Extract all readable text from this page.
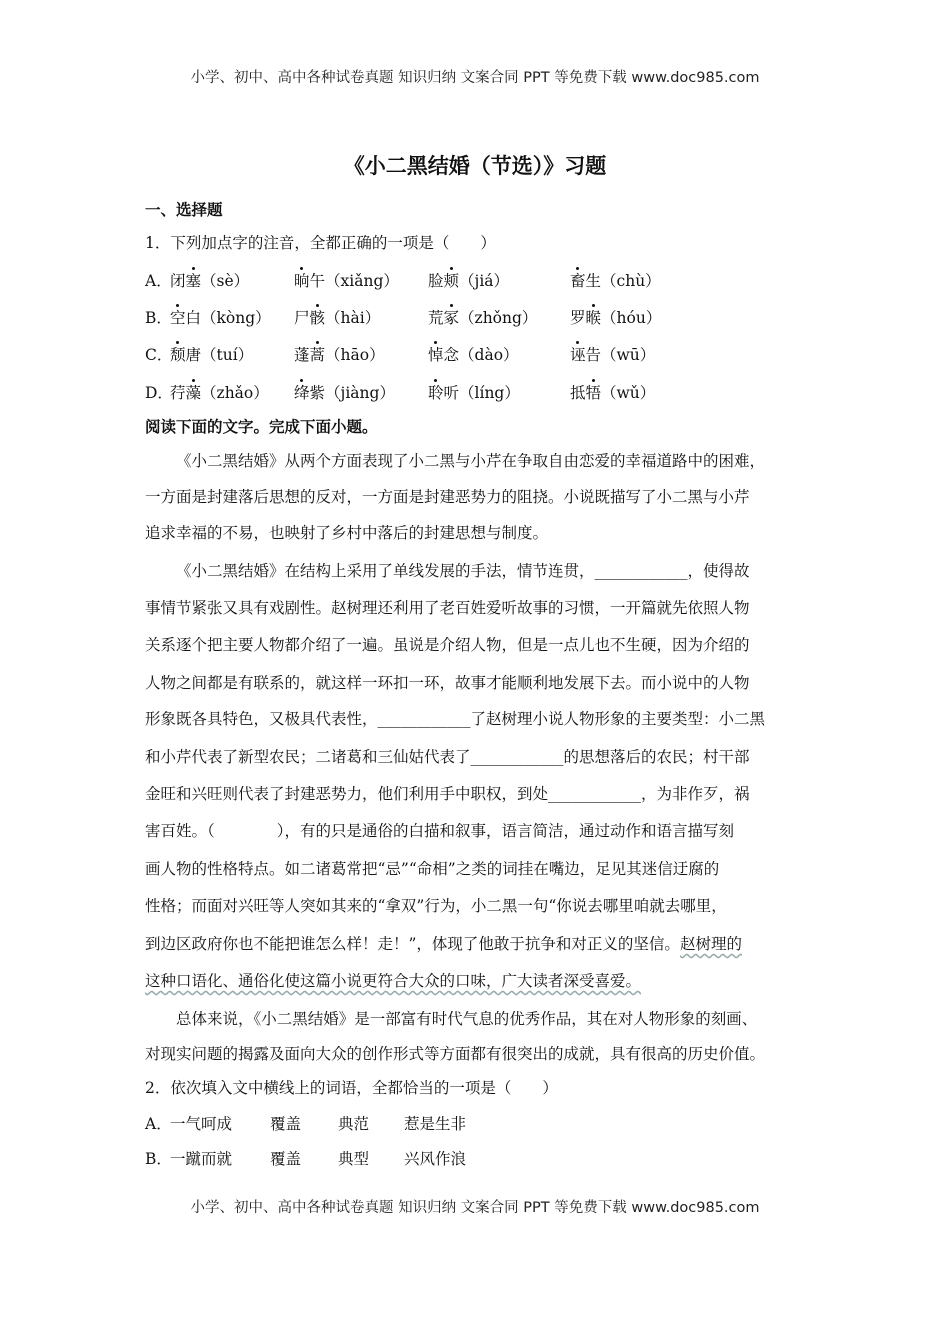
小学、初中、高中各种试卷真题 知识归纳 文案合同 PPT 等免费下载 www.doc985.com
《小二黑结婚（节选）》习题
一、选择题
1．下列加点字的注音，全都正确的一项是（　　）
A．
闭塞（sè）	晌午（xiǎng） 脸颊（jiá）	畜生（chù）
B．
空白（kòng） 尸骸（hài）	荒冢（zhǒng） 罗睺（hóu）
C．
颓唐（tuí）	蓬蒿（hāo）	悼念（dào）	诬告（wū）
D．
荇藻（zhǎo） 绛紫（jiàng） 聆听（líng）	抵牾（wǔ）
阅读下面的文字。完成下面小题。
《小二黑结婚》从两个方面表现了小二黑与小芹在争取自由恋爱的幸福道路中的困难，
一方面是封建落后思想的反对，一方面是封建恶势力的阻挠。小说既描写了小二黑与小芹
追求幸福的不易，也映射了乡村中落后的封建思想与制度。
《小二黑结婚》在结构上采用了单线发展的手法，情节连贯，____________，使得故
事情节紧张又具有戏剧性。赵树理还利用了老百姓爱听故事的习惯，一开篇就先依照人物
关系逐个把主要人物都介绍了一遍。虽说是介绍人物，但是一点儿也不生硬，因为介绍的
人物之间都是有联系的，就这样一环扣一环，故事才能顺利地发展下去。而小说中的人物
形象既各具特色，又极具代表性，____________了赵树理小说人物形象的主要类型：小二黑
和小芹代表了新型农民；二诸葛和三仙姑代表了____________的思想落后的农民；村干部
金旺和兴旺则代表了封建恶势力，他们利用手中职权，到处____________，为非作歹，祸
害百姓。（　　　　），有的只是通俗的白描和叙事，语言简洁，通过动作和语言描写刻
画人物的性格特点。如二诸葛常把“忌”“命相”之类的词挂在嘴边，足见其迷信迂腐的
性格；而面对兴旺等人突如其来的“拿双”行为，小二黑一句“你说去哪里咱就去哪里，
总体来说，《小二黑结婚》是一部富有时代气息的优秀作品，其在对人物形象的刻画、
对现实问题的揭露及面向大众的创作形式等方面都有很突出的成就，具有很高的历史价值。
到边区政府你也不能把谁怎么样！走！”，体现了他敢于抗争和对正义的坚信。赵树理的
这种口语化、通俗化使这篇小说更符合大众的口味，广大读者深受喜爱。
2．依次填入文中横线上的词语，全都恰当的一项是（　　）
A．
一气呵成 覆盖 典范 惹是生非
B．
一蹴而就 覆盖 典型 兴风作浪
小学、初中、高中各种试卷真题 知识归纳 文案合同 PPT 等免费下载 www.doc985.com
